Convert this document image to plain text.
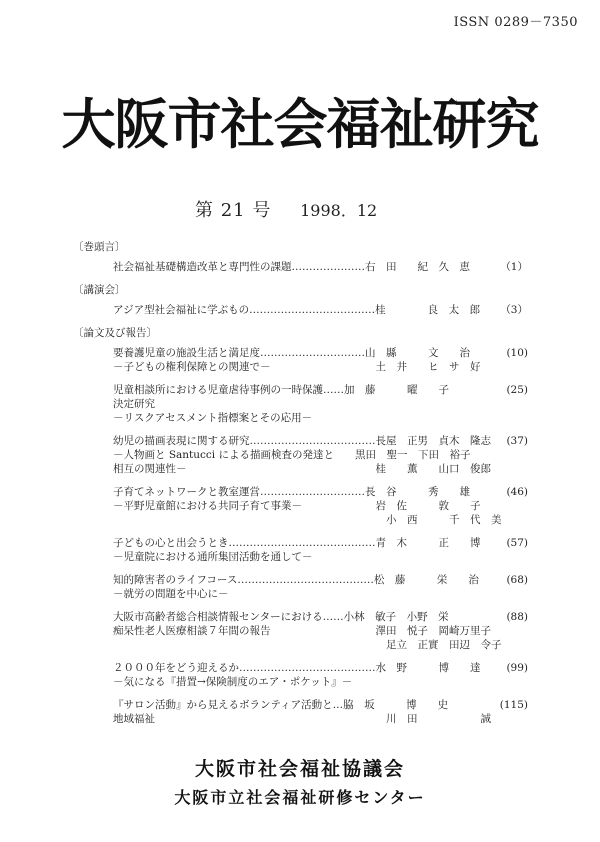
ISSN 0289－7350
大阪市社会福祉研究
第 21 号 1998．12
〔巻頭言〕
社会福祉基礎構造改革と専門性の課題…………………右　田　　紀　久　恵	（1）
〔講演会〕
アジア型社会福祉に学ぶもの………………………………桂　　　　良　太　郎	（3）
〔論文及び報告〕
要養護児童の施設生活と満足度…………………………山　縣　　　文　　治	(10)
－子どもの権利保障との関連で－　　　　　　　　　　土　井　　ヒ　サ　好
児童相談所における児童虐待事例の一時保護……加　藤　　　曜　　子	(25)
決定研究
－リスクアセスメント指標案とその応用－
幼児の描画表現に関する研究………………………………長屋　正男　貞木　隆志	(37)
－人物画と Santucci による描画検査の発達と　　黒田　聖一　下田　裕子
相互の関連性－　　　　　　　　　　　　　　　　　　桂　　薫　　山口　俊郎
子育てネットワークと教室運営…………………………長　谷　　　秀　　雄	(46)
－平野児童館における共同子育て事業－　　　　　　　岩　佐　　　敦　　子
　　　　　　　　　　　　　　　　　　　　　　　　　　小　西　　　千　代　美
子どもの心と出会うとき……………………………………青　木　　　正　　博	(57)
－児童院における通所集団活動を通して－
知的障害者のライフコース…………………………………松　藤　　　栄　　治	(68)
－就労の問題を中心に－
大阪市高齢者総合相談情報センターにおける……小林　敏子　小野　栄	(88)
痴呆性老人医療相談７年間の報告　　　　　　　　　　澤田　悦子　岡崎万里子
　　　　　　　　　　　　　　　　　　　　　　　　　　足立　正實　田辺　令子
２０００年をどう迎えるか…………………………………水　野　　　博　　達	(99)
－気になる『措置→保険制度のエア・ポケット』－
『サロン活動』から見えるボランティア活動と…脇　坂　　　博　　史	(115)
地域福祉　　　　　　　　　　　　　　　　　　　　　　川　田　　　　　　誠
大阪市社会福祉協議会
大阪市立社会福祉研修センター
